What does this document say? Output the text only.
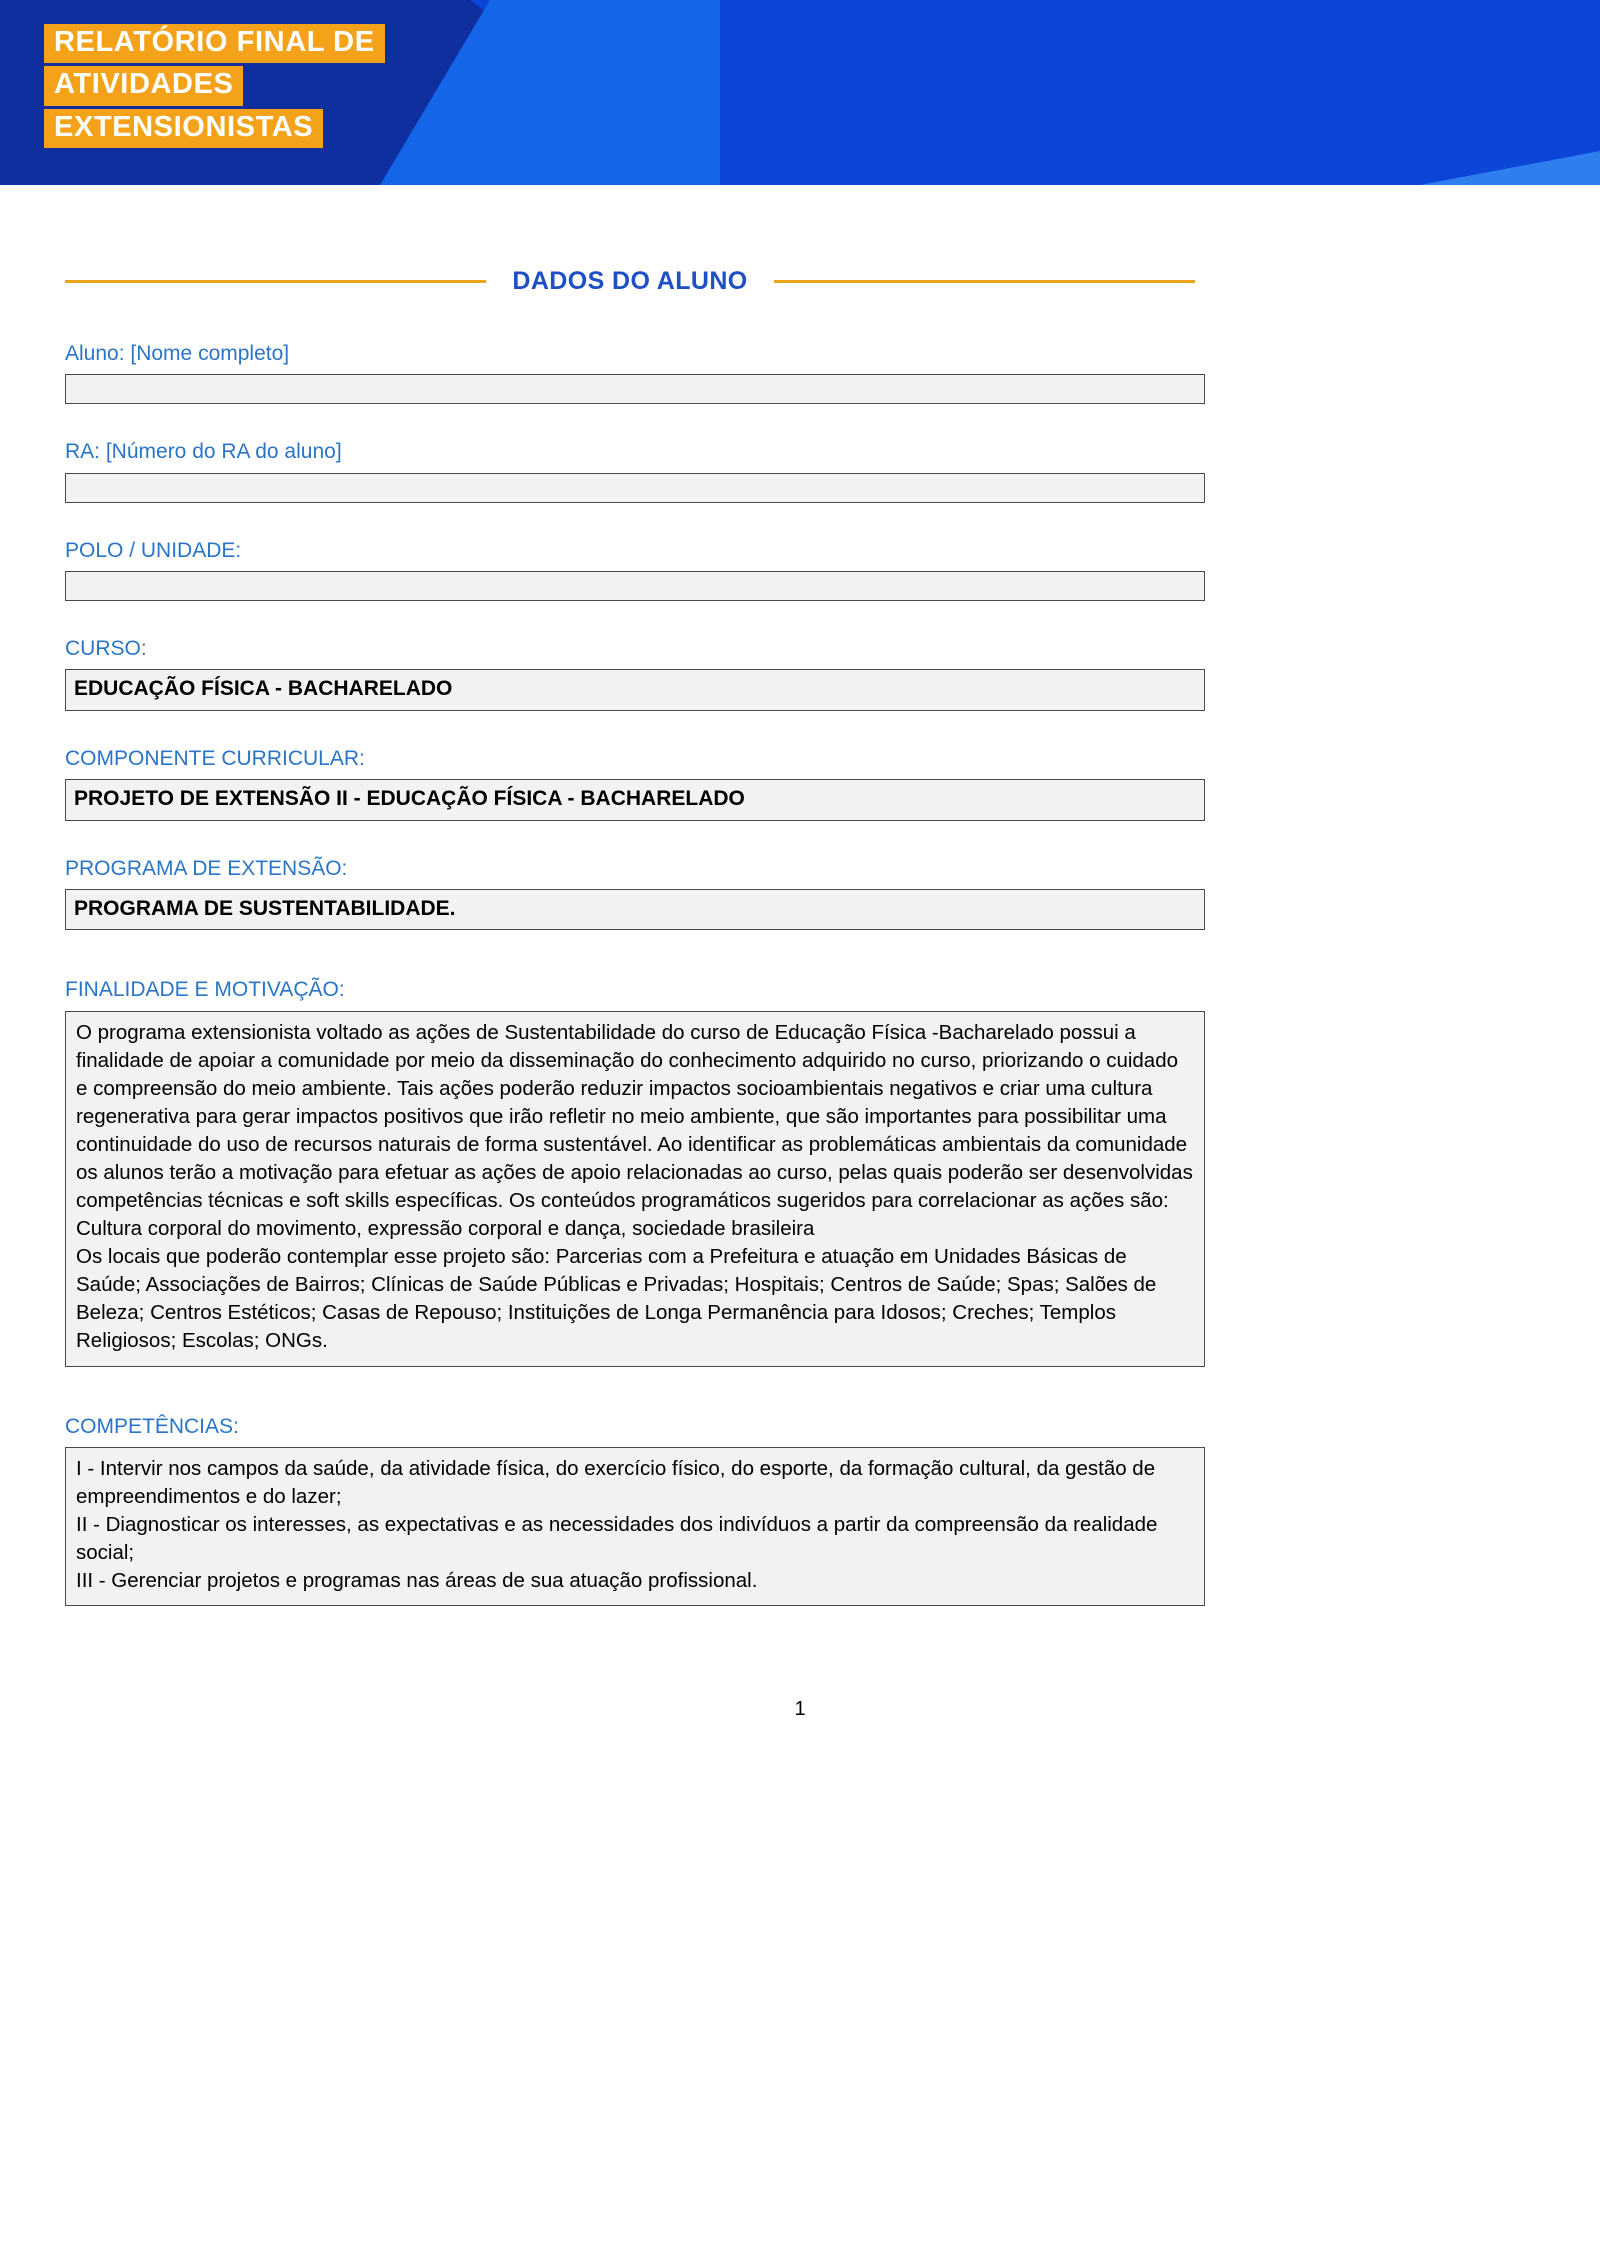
RELATÓRIO FINAL DE
ATIVIDADES
EXTENSIONISTAS
DADOS DO ALUNO
Aluno: [Nome completo]
RA: [Número do RA do aluno]
POLO / UNIDADE:
CURSO:
EDUCAÇÃO FÍSICA - BACHARELADO
COMPONENTE CURRICULAR:
PROJETO DE EXTENSÃO II - EDUCAÇÃO FÍSICA - BACHARELADO
PROGRAMA DE EXTENSÃO:
PROGRAMA DE SUSTENTABILIDADE.
FINALIDADE E MOTIVAÇÃO:

O programa extensionista voltado as ações de Sustentabilidade do curso de Educação Física -Bacharelado possui a finalidade de apoiar a comunidade por meio da disseminação do conhecimento adquirido no curso, priorizando o cuidado e compreensão do meio ambiente. Tais ações poderão reduzir impactos socioambientais negativos e criar uma cultura regenerativa para gerar impactos positivos que irão refletir no meio ambiente, que são importantes para possibilitar uma continuidade do uso de recursos naturais de forma sustentável. Ao identificar as problemáticas ambientais da comunidade os alunos terão a motivação para efetuar as ações de apoio relacionadas ao curso, pelas quais poderão ser desenvolvidas competências técnicas e soft skills específicas. Os conteúdos programáticos sugeridos para correlacionar as ações são: Cultura corporal do movimento, expressão corporal e dança, sociedade brasileira

Os locais que poderão contemplar esse projeto são: Parcerias com a Prefeitura e atuação em Unidades Básicas de Saúde; Associações de Bairros; Clínicas de Saúde Públicas e Privadas; Hospitais; Centros de Saúde; Spas; Salões de Beleza; Centros Estéticos; Casas de Repouso; Instituições de Longa Permanência para Idosos; Creches; Templos Religiosos; Escolas; ONGs.

COMPETÊNCIAS:

I - Intervir nos campos da saúde, da atividade física, do exercício físico, do esporte, da formação cultural, da gestão de empreendimentos e do lazer;

II - Diagnosticar os interesses, as expectativas e as necessidades dos indivíduos a partir da compreensão da realidade social;

III - Gerenciar projetos e programas nas áreas de sua atuação profissional.

1
